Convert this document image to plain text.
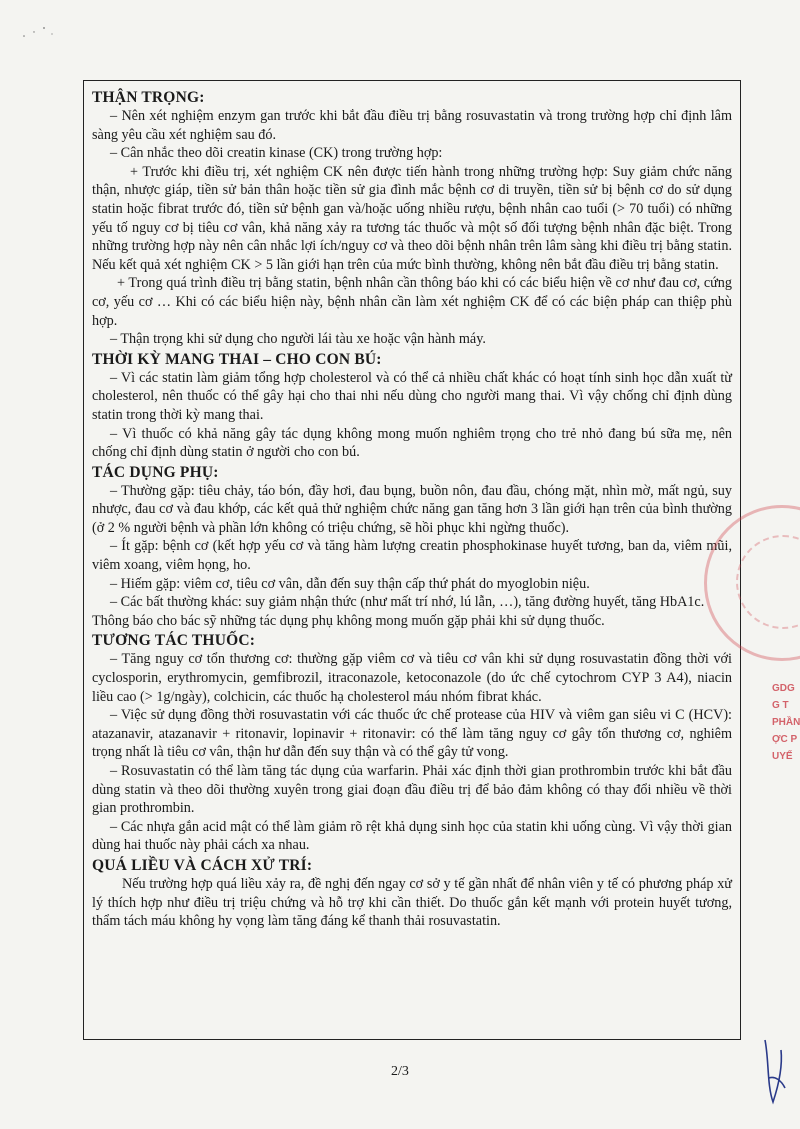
THẬN TRỌNG:

– Nên xét nghiệm enzym gan trước khi bắt đầu điều trị bằng rosuvastatin và trong trường hợp chỉ định lâm sàng yêu cầu xét nghiệm sau đó.

– Cân nhắc theo dõi creatin kinase (CK) trong trường hợp:

+ Trước khi điều trị, xét nghiệm CK nên được tiến hành trong những trường hợp: Suy giảm chức năng thận, nhược giáp, tiền sử bản thân hoặc tiền sử gia đình mắc bệnh cơ di truyền, tiền sử bị bệnh cơ do sử dụng statin hoặc fibrat trước đó, tiền sử bệnh gan và/hoặc uống nhiều rượu, bệnh nhân cao tuổi (> 70 tuổi) có những yếu tố nguy cơ bị tiêu cơ vân, khả năng xảy ra tương tác thuốc và một số đối tượng bệnh nhân đặc biệt. Trong những trường hợp này nên cân nhắc lợi ích/nguy cơ và theo dõi bệnh nhân trên lâm sàng khi điều trị bằng statin. Nếu kết quả xét nghiệm CK > 5 lần giới hạn trên của mức bình thường, không nên bắt đầu điều trị bằng statin.

+ Trong quá trình điều trị bằng statin, bệnh nhân cần thông báo khi có các biểu hiện về cơ như đau cơ, cứng cơ, yếu cơ … Khi có các biểu hiện này, bệnh nhân cần làm xét nghiệm CK để có các biện pháp can thiệp phù hợp.

– Thận trọng khi sử dụng cho người lái tàu xe hoặc vận hành máy.

THỜI KỲ MANG THAI – CHO CON BÚ:

– Vì các statin làm giảm tổng hợp cholesterol và có thể cả nhiều chất khác có hoạt tính sinh học dẫn xuất từ cholesterol, nên thuốc có thể gây hại cho thai nhi nếu dùng cho người mang thai. Vì vậy chống chỉ định dùng statin trong thời kỳ mang thai.

– Vì thuốc có khả năng gây tác dụng không mong muốn nghiêm trọng cho trẻ nhỏ đang bú sữa mẹ, nên chống chỉ định dùng statin ở người cho con bú.

TÁC DỤNG PHỤ:

– Thường gặp: tiêu chảy, táo bón, đầy hơi, đau bụng, buồn nôn, đau đầu, chóng mặt, nhìn mờ, mất ngủ, suy nhược, đau cơ và đau khớp, các kết quả thử nghiệm chức năng gan tăng hơn 3 lần giới hạn trên của bình thường (ở 2 % người bệnh và phần lớn không có triệu chứng, sẽ hồi phục khi ngừng thuốc).

– Ít gặp: bệnh cơ (kết hợp yếu cơ và tăng hàm lượng creatin phosphokinase huyết tương, ban da, viêm mũi, viêm xoang, viêm họng, ho.

– Hiếm gặp: viêm cơ, tiêu cơ vân, dẫn đến suy thận cấp thứ phát do myoglobin niệu.

– Các bất thường khác: suy giảm nhận thức (như mất trí nhớ, lú lẫn, …), tăng đường huyết, tăng HbA1c.

Thông báo cho bác sỹ những tác dụng phụ không mong muốn gặp phải khi sử dụng thuốc.

TƯƠNG TÁC THUỐC:

– Tăng nguy cơ tổn thương cơ: thường gặp viêm cơ và tiêu cơ vân khi sử dụng rosuvastatin đồng thời với cyclosporin, erythromycin, gemfibrozil, itraconazole, ketoconazole (do ức chế cytochrom CYP 3 A4), niacin liều cao (> 1g/ngày), colchicin, các thuốc hạ cholesterol máu nhóm fibrat khác.

– Việc sử dụng đồng thời rosuvastatin với các thuốc ức chế protease của HIV và viêm gan siêu vi C (HCV): atazanavir, atazanavir + ritonavir, lopinavir + ritonavir: có thể làm tăng nguy cơ gây tổn thương cơ, nghiêm trọng nhất là tiêu cơ vân, thận hư dẫn đến suy thận và có thể gây tử vong.

– Rosuvastatin có thể làm tăng tác dụng của warfarin. Phải xác định thời gian prothrombin trước khi bắt đầu dùng statin và theo dõi thường xuyên trong giai đoạn đầu điều trị để bảo đảm không có thay đổi nhiều về thời gian prothrombin.

– Các nhựa gắn acid mật có thể làm giảm rõ rệt khả dụng sinh học của statin khi uống cùng. Vì vậy thời gian dùng hai thuốc này phải cách xa nhau.

QUÁ LIỀU VÀ CÁCH XỬ TRÍ:

Nếu trường hợp quá liều xảy ra, đề nghị đến ngay cơ sở y tế gần nhất để nhân viên y tế có phương pháp xử lý thích hợp như điều trị triệu chứng và hỗ trợ khi cần thiết. Do thuốc gắn kết mạnh với protein huyết tương, thẩm tách máu không hy vọng làm tăng đáng kể thanh thải rosuvastatin.

2/3
GDG
G T
PHẦN
ỢC P
UYẾ
